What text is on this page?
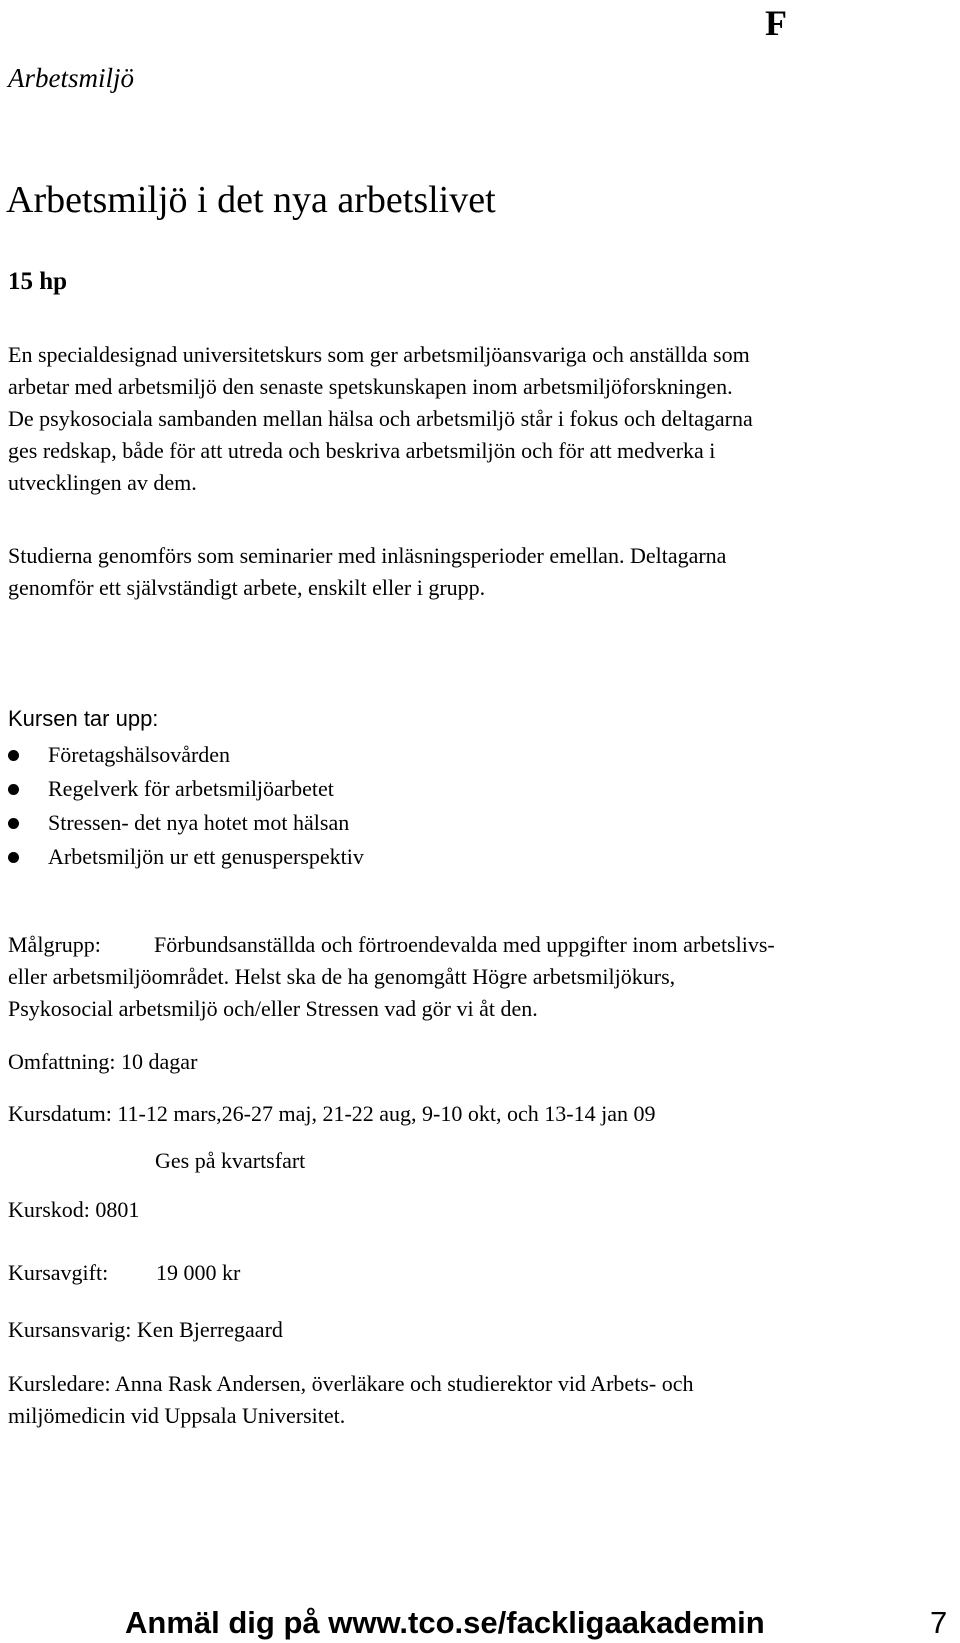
F
Arbetsmiljö
Arbetsmiljö i det nya arbetslivet
15 hp
En specialdesignad universitetskurs som ger arbetsmiljöansvariga och anställda som
arbetar med arbetsmiljö den senaste spetskunskapen inom arbetsmiljöforskningen.
De psykosociala sambanden mellan hälsa och arbetsmiljö står i fokus och deltagarna
ges redskap, både för att utreda och beskriva arbetsmiljön och för att medverka i
utvecklingen av dem.
Studierna genomförs som seminarier med inläsningsperioder emellan. Deltagarna
genomför ett självständigt arbete, enskilt eller i grupp.
Kursen tar upp:
Företagshälsovården
Regelverk för arbetsmiljöarbetet
Stressen- det nya hotet mot hälsan
Arbetsmiljön ur ett genusperspektiv
Målgrupp: Förbundsanställda och förtroendevalda med uppgifter inom arbetslivs-
eller arbetsmiljöområdet. Helst ska de ha genomgått Högre arbetsmiljökurs,
Psykosocial arbetsmiljö och/eller Stressen vad gör vi åt den.
Omfattning: 10 dagar
Kursdatum: 11-12 mars,26-27 maj, 21-22 aug, 9-10 okt, och 13-14 jan 09
Ges på kvartsfart
Kurskod: 0801
Kursavgift: 19 000 kr
Kursansvarig: Ken Bjerregaard
Kursledare: Anna Rask Andersen, överläkare och studierektor vid Arbets- och
miljömedicin vid Uppsala Universitet.
Anmäl dig på www.tco.se/fackligaakademin	7
